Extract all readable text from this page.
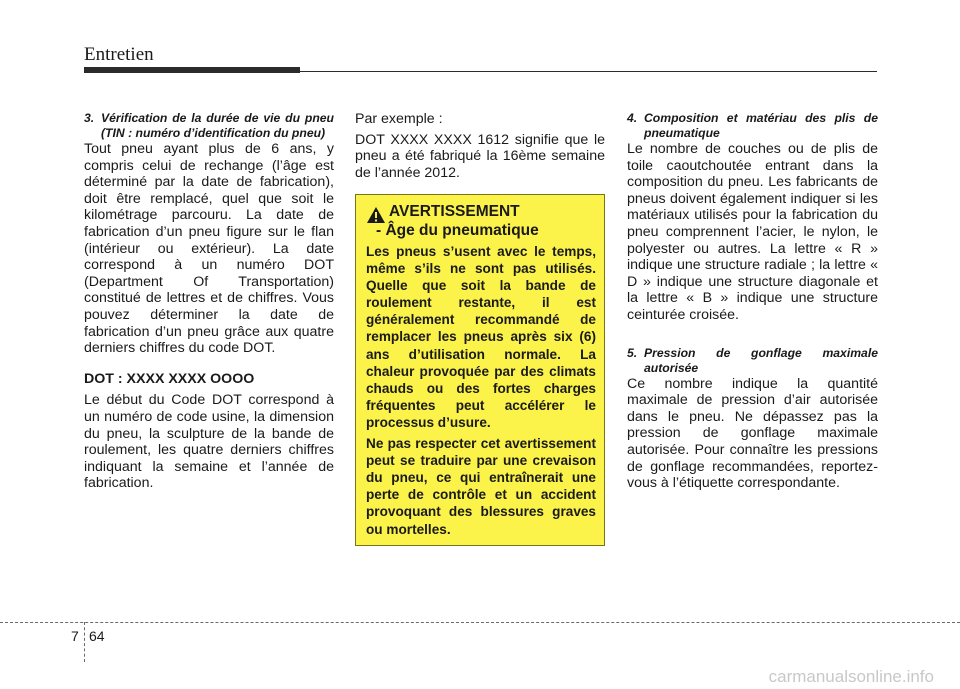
Entretien

3. Vérification de la durée de vie du pneu (TIN : numéro d’identification du pneu)

Tout pneu ayant plus de 6 ans, y compris celui de rechange (l’âge est déterminé par la date de fabrication), doit être remplacé, quel que soit le kilométrage parcouru. La date de fabrication d’un pneu figure sur le flan (intérieur ou extérieur). La date correspond à un numéro DOT (Department Of Transportation) constitué de lettres et de chiffres. Vous pouvez déterminer la date de fabrication d’un pneu grâce aux quatre derniers chiffres du code DOT.

DOT : XXXX XXXX OOOO

Le début du Code DOT correspond à un numéro de code usine, la dimension du pneu, la sculpture de la bande de roulement, les quatre derniers chiffres indiquant la semaine et l’année de fabrication.

Par exemple :

DOT XXXX XXXX 1612 signifie que le pneu a été fabriqué la 16ème semaine de l’année 2012.

AVERTISSEMENT
- Âge du pneumatique

Les pneus s’usent avec le temps, même s’ils ne sont pas utilisés. Quelle que soit la bande de roulement restante, il est généralement recommandé de remplacer les pneus après six (6) ans d’utilisation normale. La chaleur provoquée par des climats chauds ou des fortes charges fréquentes peut accélérer le processus d’usure.

Ne pas respecter cet avertissement peut se traduire par une crevaison du pneu, ce qui entraînerait une perte de contrôle et un accident provoquant des blessures graves ou mortelles.

4. Composition et matériau des plis de pneumatique

Le nombre de couches ou de plis de toile caoutchoutée entrant dans la composition du pneu. Les fabricants de pneus doivent également indiquer si les matériaux utilisés pour la fabrication du pneu comprennent l’acier, le nylon, le polyester ou autres. La lettre « R » indique une structure radiale ; la lettre « D » indique une structure diagonale et la lettre « B » indique une structure ceinturée croisée.

5. Pression de gonflage maximale autorisée

Ce nombre indique la quantité maximale de pression d’air autorisée dans le pneu. Ne dépassez pas la pression de gonflage maximale autorisée. Pour connaître les pressions de gonflage recommandées, reportez-vous à l’étiquette correspondante.

7 64
carmanualsonline.info
